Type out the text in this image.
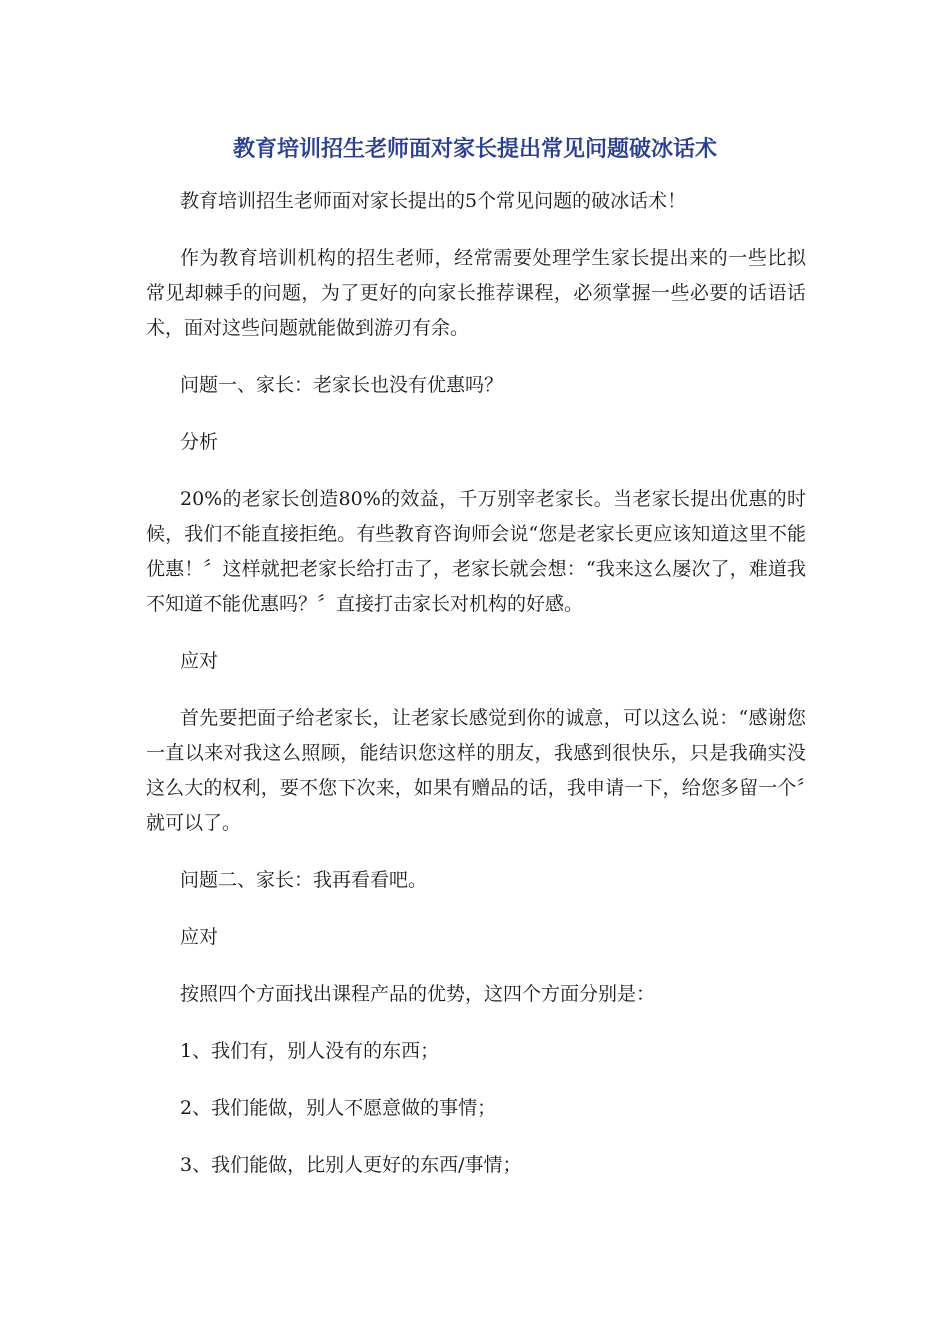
教育培训招生老师面对家长提出常见问题破冰话术

教育培训招生老师面对家长提出的5个常见问题的破冰话术！

作为教育培训机构的招生老师，经常需要处理学生家长提出来的一些比拟常见却棘手的问题，为了更好的向家长推荐课程，必须掌握一些必要的话语话术，面对这些问题就能做到游刃有余。

问题一、家长：老家长也没有优惠吗？

分析

20%的老家长创造80%的效益，千万别宰老家长。当老家长提出优惠的时候，我们不能直接拒绝。有些教育咨询师会说“您是老家长更应该知道这里不能优惠！〞这样就把老家长给打击了，老家长就会想：“我来这么屡次了，难道我不知道不能优惠吗？〞直接打击家长对机构的好感。

应对

首先要把面子给老家长，让老家长感觉到你的诚意，可以这么说：“感谢您一直以来对我这么照顾，能结识您这样的朋友，我感到很快乐，只是我确实没这么大的权利，要不您下次来，如果有赠品的话，我申请一下，给您多留一个〞就可以了。

问题二、家长：我再看看吧。

应对

按照四个方面找出课程产品的优势，这四个方面分别是：

1、我们有，别人没有的东西；

2、我们能做，别人不愿意做的事情；

3、我们能做，比别人更好的东西/事情；
